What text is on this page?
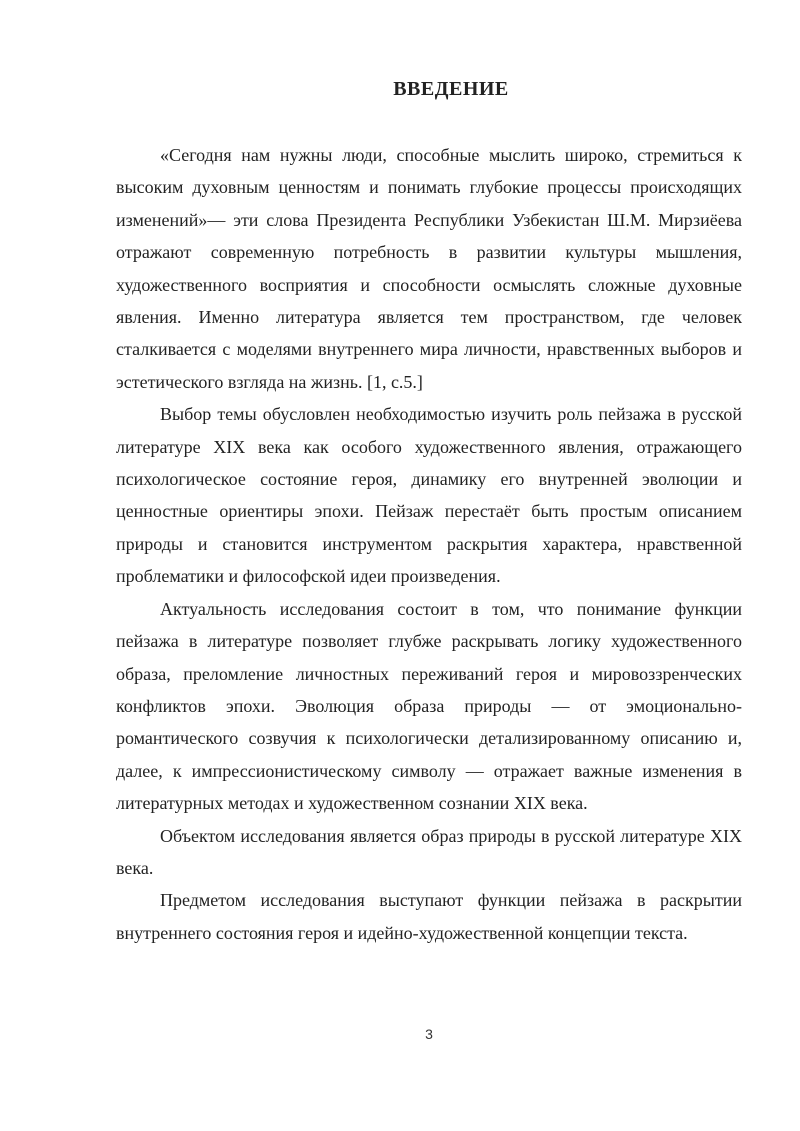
ВВЕДЕНИЕ

«Сегодня нам нужны люди, способные мыслить широко, стремиться к высоким духовным ценностям и понимать глубокие процессы происходящих изменений»— эти слова Президента Республики Узбекистан Ш.М. Мирзиёева отражают современную потребность в развитии культуры мышления, художественного восприятия и способности осмыслять сложные духовные явления. Именно литература является тем пространством, где человек сталкивается с моделями внутреннего мира личности, нравственных выборов и эстетического взгляда на жизнь. [1, с.5.]

Выбор темы обусловлен необходимостью изучить роль пейзажа в русской литературе XIX века как особого художественного явления, отражающего психологическое состояние героя, динамику его внутренней эволюции и ценностные ориентиры эпохи. Пейзаж перестаёт быть простым описанием природы и становится инструментом раскрытия характера, нравственной проблематики и философской идеи произведения.

Актуальность исследования состоит в том, что понимание функции пейзажа в литературе позволяет глубже раскрывать логику художественного образа, преломление личностных переживаний героя и мировоззренческих конфликтов эпохи. Эволюция образа природы — от эмоционально-романтического созвучия к психологически детализированному описанию и, далее, к импрессионистическому символу — отражает важные изменения в литературных методах и художественном сознании XIX века.

Объектом исследования является образ природы в русской литературе XIX века.

Предметом исследования выступают функции пейзажа в раскрытии внутреннего состояния героя и идейно-художественной концепции текста.

3
